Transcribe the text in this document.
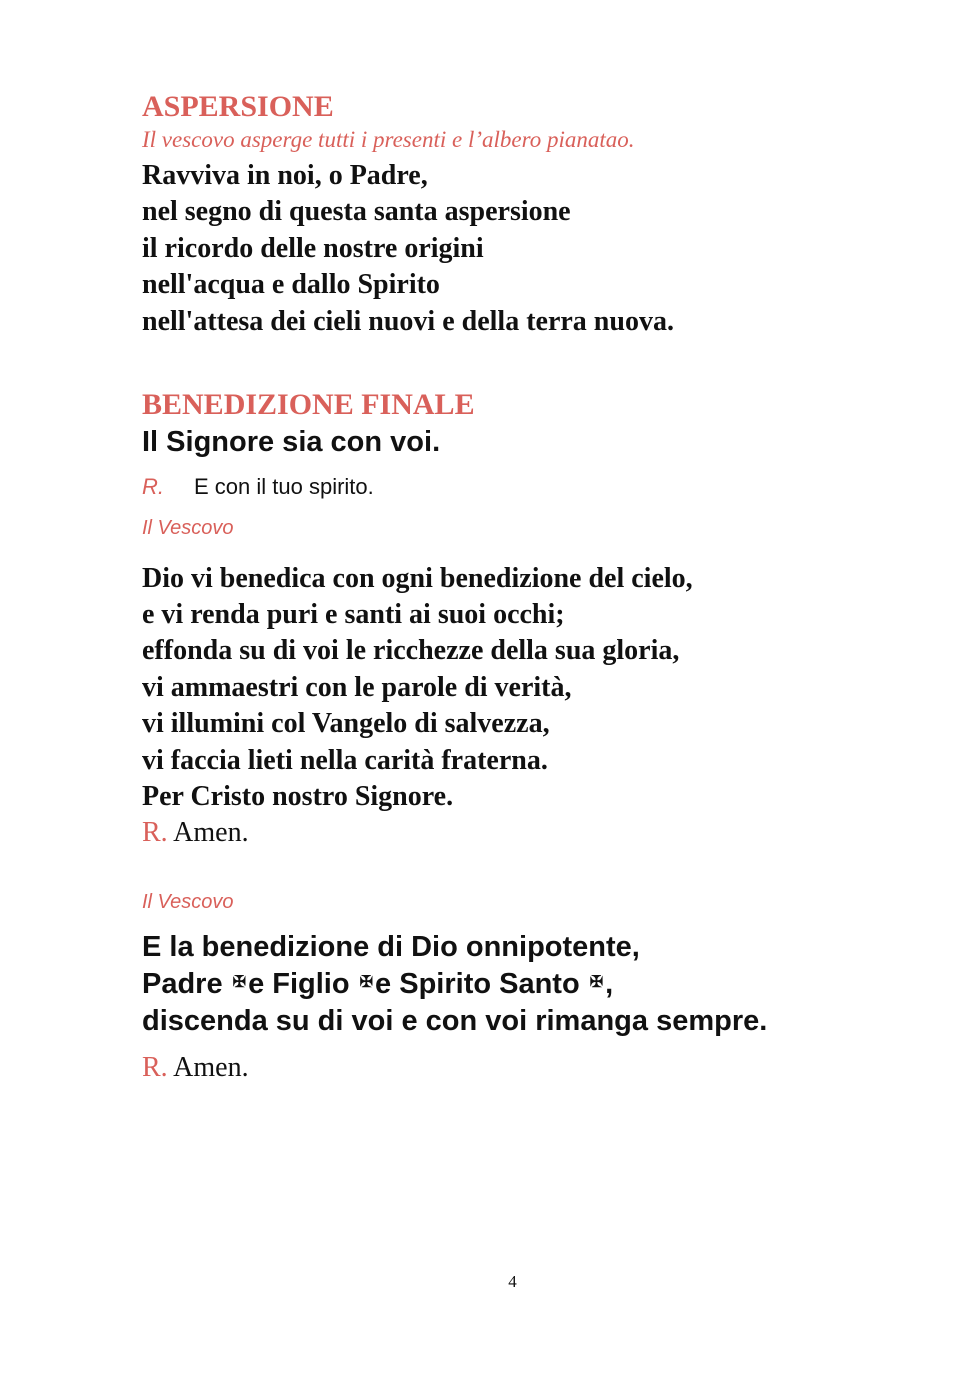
ASPERSIONE

Il vescovo asperge tutti i presenti e l’albero pianatao.

Ravviva in noi, o Padre,
nel segno di questa santa aspersione
il ricordo delle nostre origini
nell'acqua e dallo Spirito
nell'attesa dei cieli nuovi e della terra nuova.

BENEDIZIONE FINALE

Il Signore sia con voi.

R. E con il tuo spirito.

Il Vescovo

Dio vi benedica con ogni benedizione del cielo,
e vi renda puri e santi ai suoi occhi;
effonda su di voi le ricchezze della sua gloria,
vi ammaestri con le parole di verità,
vi illumini col Vangelo di salvezza,
vi faccia lieti nella carità fraterna.
Per Cristo nostro Signore.

R. Amen.

Il Vescovo

E la benedizione di Dio onnipotente,
Padre ✠e Figlio ✠e Spirito Santo ✠,
discenda su di voi e con voi rimanga sempre.

R. Amen.

4
